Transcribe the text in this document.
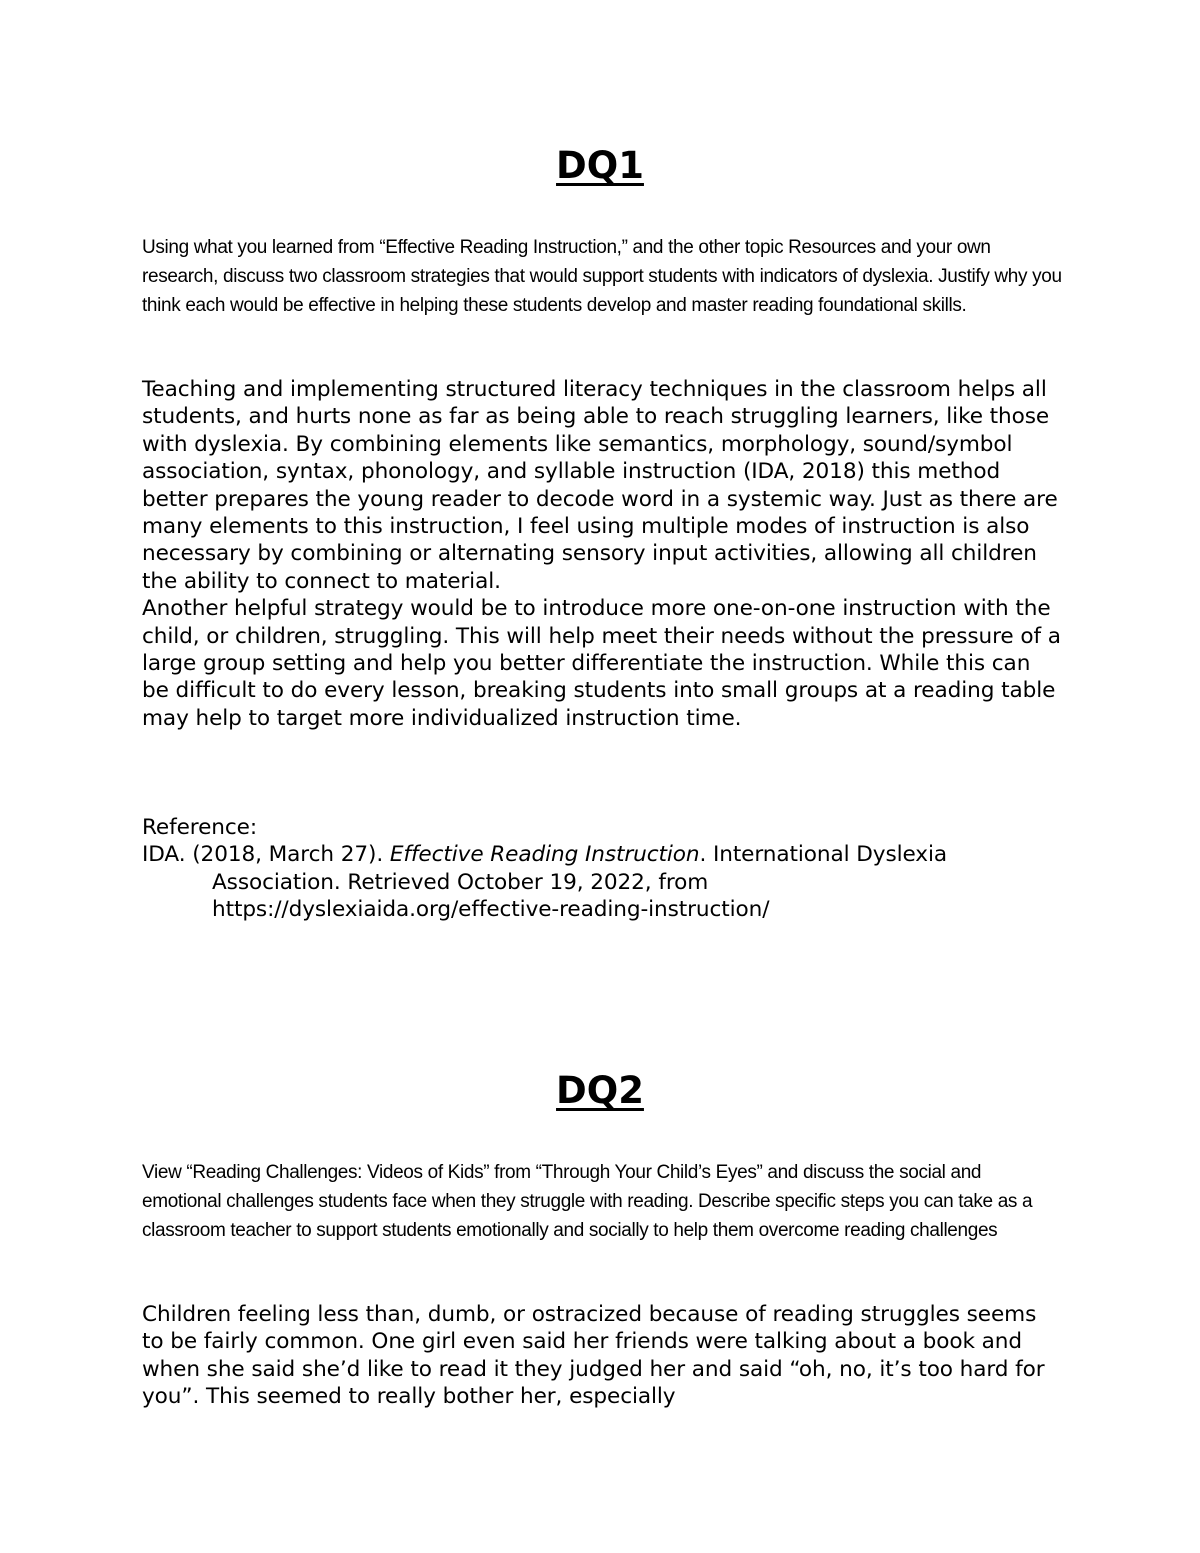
DQ1
Using what you learned from “Effective Reading Instruction,” and the other topic Resources and your own research, discuss two classroom strategies that would support students with indicators of dyslexia. Justify why you think each would be effective in helping these students develop and master reading foundational skills.

Teaching and implementing structured literacy techniques in the classroom helps all students, and hurts none as far as being able to reach struggling learners, like those with dyslexia. By combining elements like semantics, morphology, sound/symbol association, syntax, phonology, and syllable instruction (IDA, 2018) this method better prepares the young reader to decode word in a systemic way. Just as there are many elements to this instruction, I feel using multiple modes of instruction is also necessary by combining or alternating sensory input activities, allowing all children the ability to connect to material.

Another helpful strategy would be to introduce more one-on-one instruction with the child, or children, struggling. This will help meet their needs without the pressure of a large group setting and help you better differentiate the instruction. While this can be difficult to do every lesson, breaking students into small groups at a reading table may help to target more individualized instruction time.

Reference:

IDA. (2018, March 27). Effective Reading Instruction. International Dyslexia

Association. Retrieved October 19, 2022, from

https://dyslexiaida.org/effective-reading-instruction/

DQ2
View “Reading Challenges: Videos of Kids” from “Through Your Child’s Eyes” and discuss the social and emotional challenges students face when they struggle with reading. Describe specific steps you can take as a classroom teacher to support students emotionally and socially to help them overcome reading challenges

Children feeling less than, dumb, or ostracized because of reading struggles seems to be fairly common. One girl even said her friends were talking about a book and when she said she’d like to read it they judged her and said “oh, no, it’s too hard for you”. This seemed to really bother her, especially
